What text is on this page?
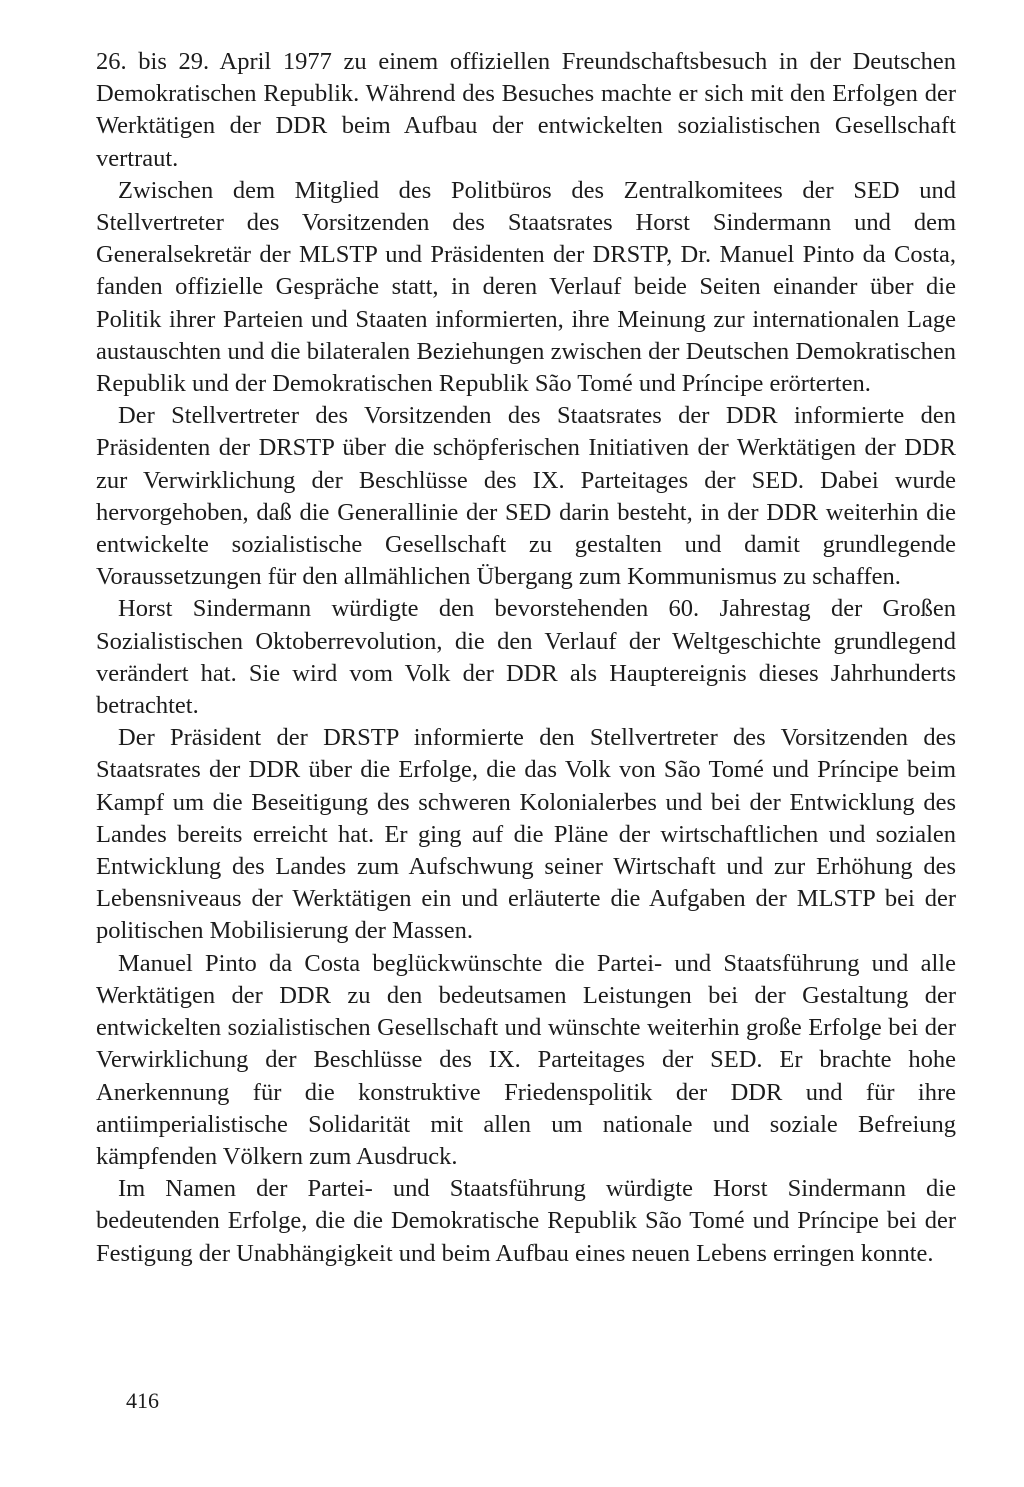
26. bis 29. April 1977 zu einem offiziellen Freundschaftsbesuch in der Deutschen Demokratischen Republik. Während des Besuches machte er sich mit den Erfolgen der Werktätigen der DDR beim Aufbau der entwickelten sozialistischen Gesellschaft vertraut.

Zwischen dem Mitglied des Politbüros des Zentralkomitees der SED und Stellvertreter des Vorsitzenden des Staatsrates Horst Sindermann und dem Generalsekretär der MLSTP und Präsidenten der DRSTP, Dr. Manuel Pinto da Costa, fanden offizielle Gespräche statt, in deren Verlauf beide Seiten einander über die Politik ihrer Parteien und Staaten informierten, ihre Meinung zur internationalen Lage austauschten und die bilateralen Beziehungen zwischen der Deutschen Demokratischen Republik und der Demokratischen Republik São Tomé und Príncipe erörterten.

Der Stellvertreter des Vorsitzenden des Staatsrates der DDR informierte den Präsidenten der DRSTP über die schöpferischen Initiativen der Werktätigen der DDR zur Verwirklichung der Beschlüsse des IX. Parteitages der SED. Dabei wurde hervorgehoben, daß die Generallinie der SED darin besteht, in der DDR weiterhin die entwickelte sozialistische Gesellschaft zu gestalten und damit grundlegende Voraussetzungen für den allmählichen Übergang zum Kommunismus zu schaffen.

Horst Sindermann würdigte den bevorstehenden 60. Jahrestag der Großen Sozialistischen Oktoberrevolution, die den Verlauf der Weltgeschichte grundlegend verändert hat. Sie wird vom Volk der DDR als Hauptereignis dieses Jahrhunderts betrachtet.

Der Präsident der DRSTP informierte den Stellvertreter des Vorsitzenden des Staatsrates der DDR über die Erfolge, die das Volk von São Tomé und Príncipe beim Kampf um die Beseitigung des schweren Kolonialerbes und bei der Entwicklung des Landes bereits erreicht hat. Er ging auf die Pläne der wirtschaftlichen und sozialen Entwicklung des Landes zum Aufschwung seiner Wirtschaft und zur Erhöhung des Lebensniveaus der Werktätigen ein und erläuterte die Aufgaben der MLSTP bei der politischen Mobilisierung der Massen.

Manuel Pinto da Costa beglückwünschte die Partei- und Staatsführung und alle Werktätigen der DDR zu den bedeutsamen Leistungen bei der Gestaltung der entwickelten sozialistischen Gesellschaft und wünschte weiterhin große Erfolge bei der Verwirklichung der Beschlüsse des IX. Parteitages der SED. Er brachte hohe Anerkennung für die konstruktive Friedenspolitik der DDR und für ihre antiimperialistische Solidarität mit allen um nationale und soziale Befreiung kämpfenden Völkern zum Ausdruck.

Im Namen der Partei- und Staatsführung würdigte Horst Sindermann die bedeutenden Erfolge, die die Demokratische Republik São Tomé und Príncipe bei der Festigung der Unabhängigkeit und beim Aufbau eines neuen Lebens erringen konnte.

416
